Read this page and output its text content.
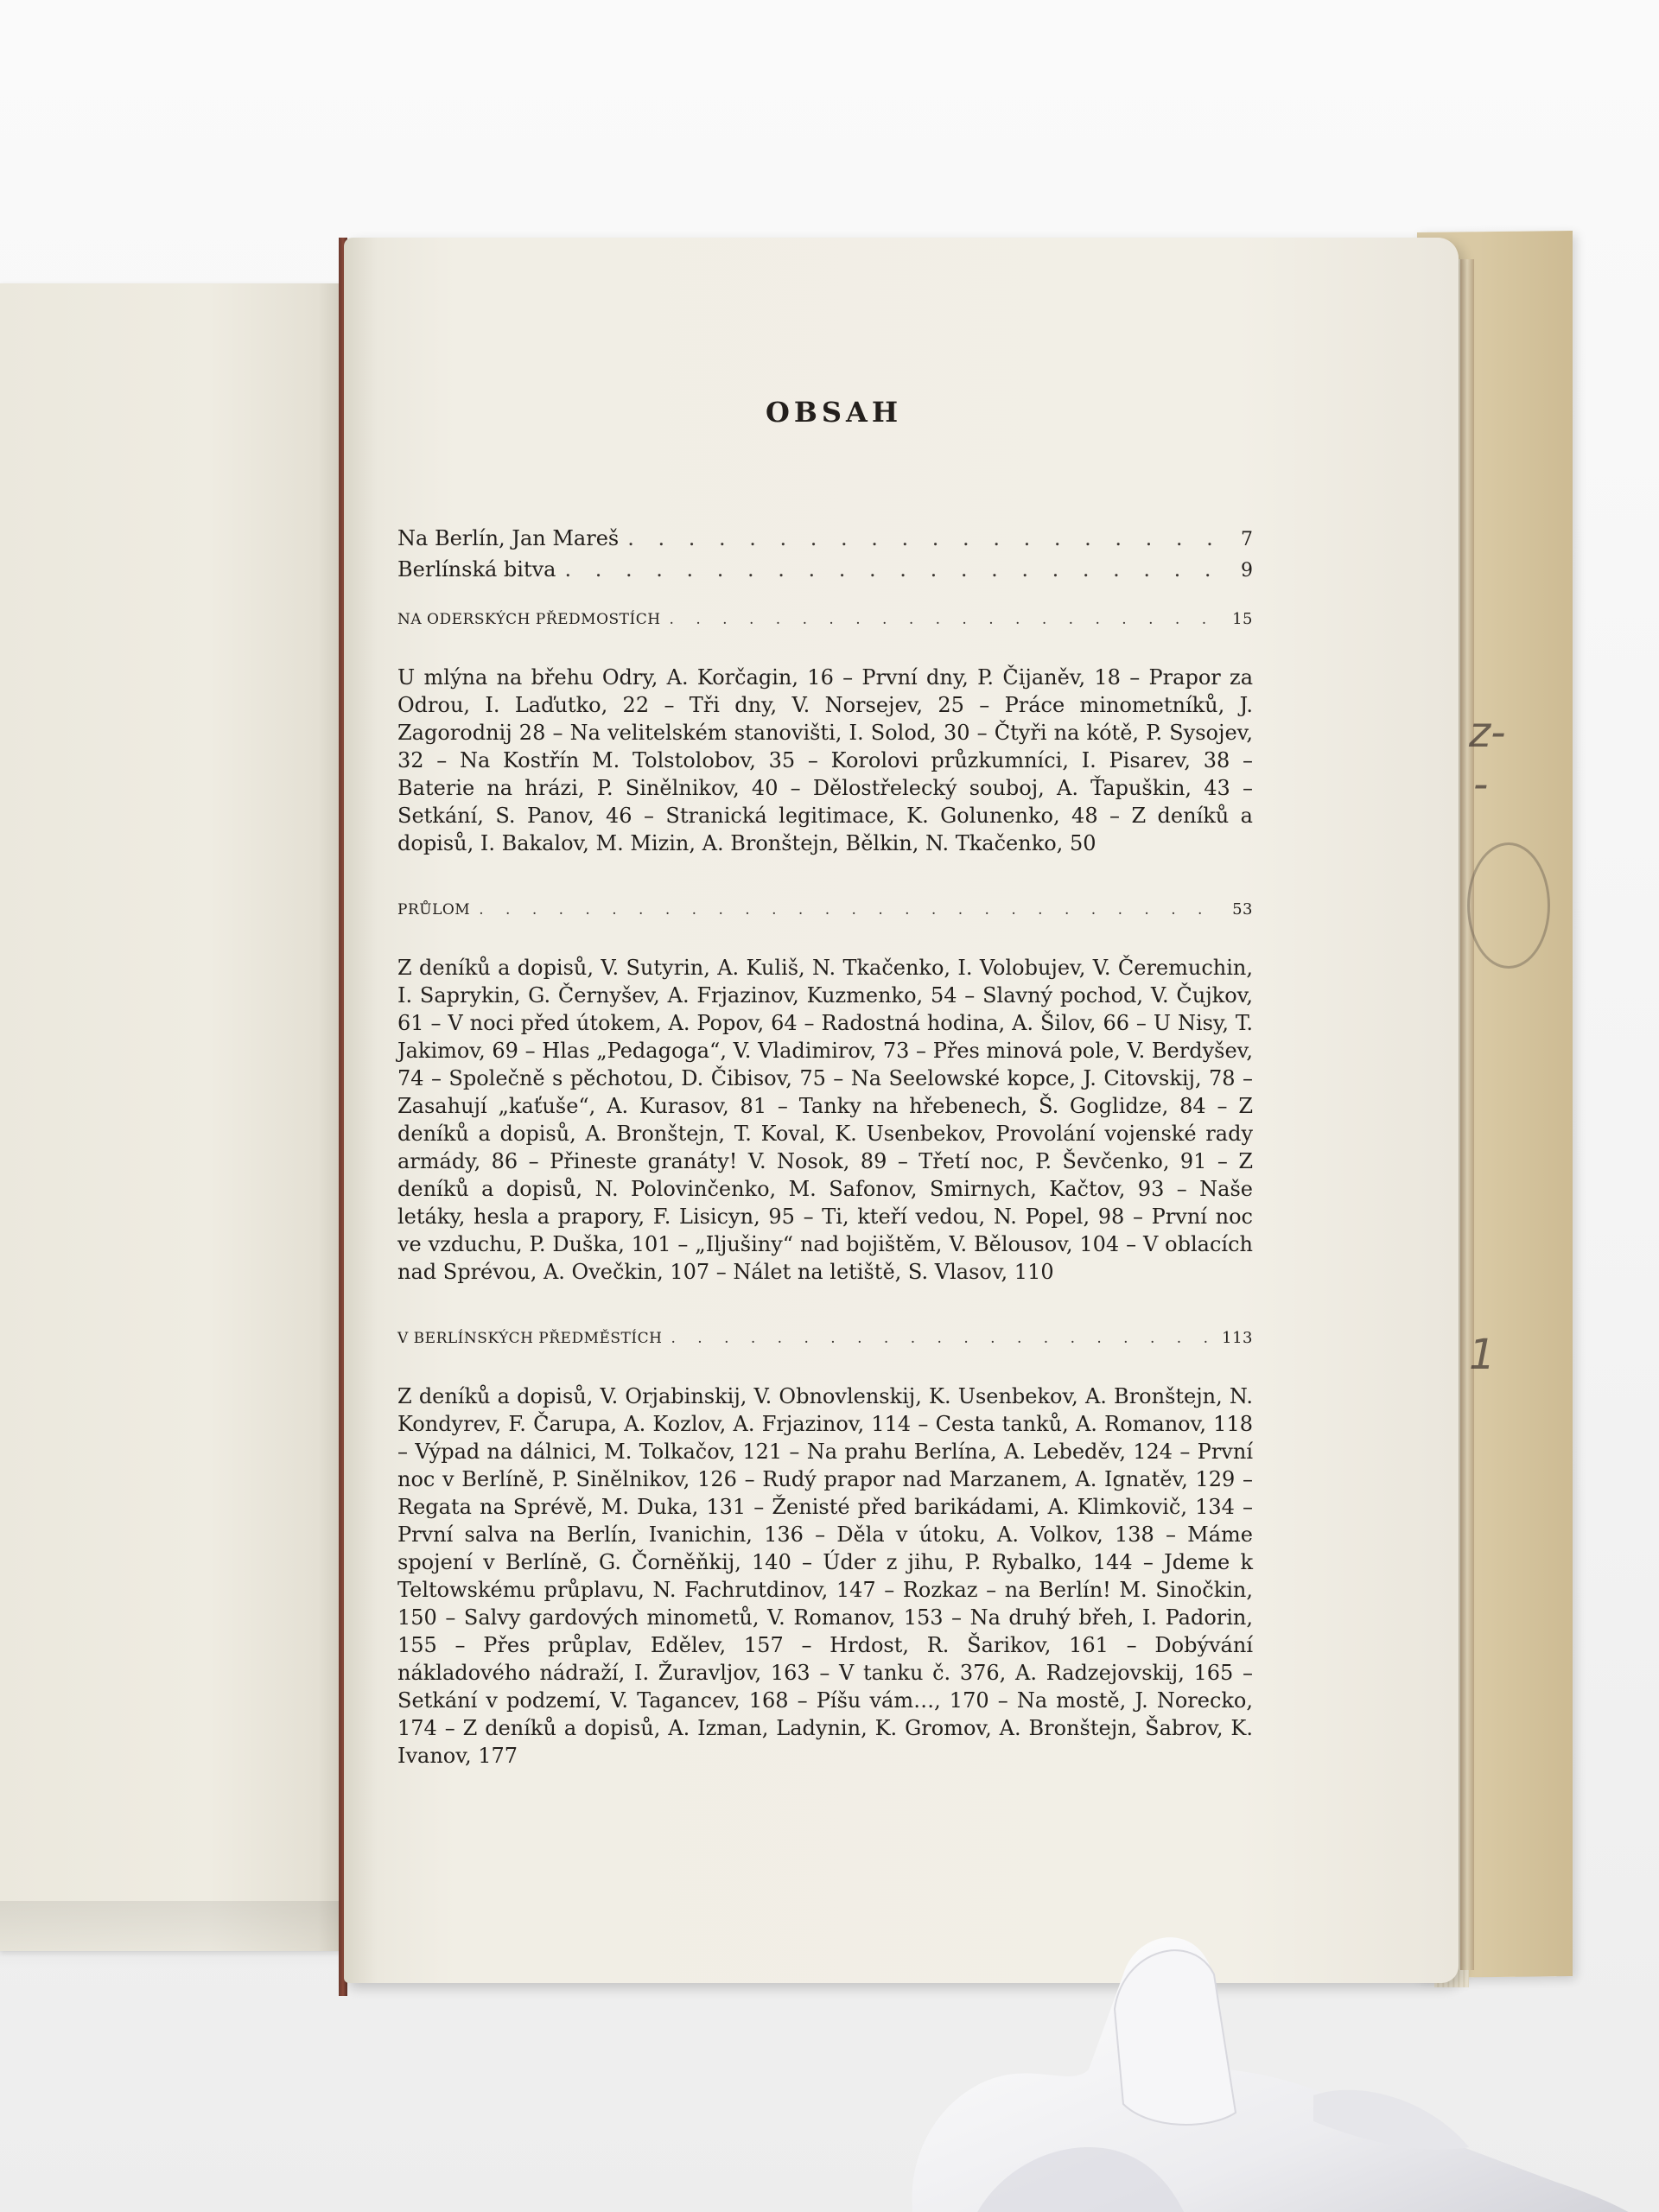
z-
-
1
OBSAH
Na Berlín, Jan Mareš . . .	7
Berlínská bitva . . .	9
NA ODERSKÝCH PŘEDMOSTÍCH . . .	15

U mlýna na břehu Odry, A. Korčagin, 16 – První dny, P. Čijaněv, 18 – Prapor za Odrou, I. Laďutko, 22 – Tři dny, V. Norsejev, 25 – Práce minometníků, J. Zagorodnij 28 – Na velitelském stanovišti, I. Solod, 30 – Čtyři na kótě, P. Sysojev, 32 – Na Kostřín M. Tolstolobov, 35 – Korolovi průzkumníci, I. Pisarev, 38 – Baterie na hrázi, P. Sinělnikov, 40 – Dělostřelecký souboj, A. Ťapuškin, 43 – Setkání, S. Panov, 46 – Stranická legitimace, K. Golunenko, 48 – Z deníků a dopisů, I. Bakalov, M. Mizin, A. Bronštejn, Bělkin, N. Tkačenko, 50

PRŮLOM . . .	53

Z deníků a dopisů, V. Sutyrin, A. Kuliš, N. Tkačenko, I. Volobujev, V. Čeremuchin, I. Saprykin, G. Černyšev, A. Frjazinov, Kuzmenko, 54 – Slavný pochod, V. Čujkov, 61 – V noci před útokem, A. Popov, 64 – Radostná hodina, A. Šilov, 66 – U Nisy, T. Jakimov, 69 – Hlas „Pedagoga“, V. Vladimirov, 73 – Přes minová pole, V. Berdyšev, 74 – Společně s pěchotou, D. Čibisov, 75 – Na Seelowské kopce, J. Citovskij, 78 – Zasahují „kaťuše“, A. Kurasov, 81 – Tanky na hřebenech, Š. Goglidze, 84 – Z deníků a dopisů, A. Bronštejn, T. Koval, K. Usenbekov, Provolání vojenské rady armády, 86 – Přineste granáty! V. Nosok, 89 – Třetí noc, P. Ševčenko, 91 – Z deníků a dopisů, N. Polovinčenko, M. Safonov, Smirnych, Kačtov, 93 – Naše letáky, hesla a prapory, F. Lisicyn, 95 – Ti, kteří vedou, N. Popel, 98 – První noc ve vzduchu, P. Duška, 101 – „Iljušiny“ nad bojištěm, V. Bělousov, 104 – V oblacích nad Sprévou, A. Ovečkin, 107 – Nálet na letiště, S. Vlasov, 110

V BERLÍNSKÝCH PŘEDMĚSTÍCH . . .	113

Z deníků a dopisů, V. Orjabinskij, V. Obnovlenskij, K. Usenbekov, A. Bronštejn, N. Kondyrev, F. Čarupa, A. Kozlov, A. Frjazinov, 114 – Cesta tanků, A. Romanov, 118 – Výpad na dálnici, M. Tolkačov, 121 – Na prahu Berlína, A. Lebeděv, 124 – První noc v Berlíně, P. Sinělnikov, 126 – Rudý prapor nad Marzanem, A. Ignatěv, 129 – Regata na Sprévě, M. Duka, 131 – Ženisté před barikádami, A. Klimkovič, 134 – První salva na Berlín, Ivanichin, 136 – Děla v útoku, A. Volkov, 138 – Máme spojení v Berlíně, G. Čorněňkij, 140 – Úder z jihu, P. Rybalko, 144 – Jdeme k Teltowskému průplavu, N. Fachrutdinov, 147 – Rozkaz – na Berlín! M. Sinočkin, 150 – Salvy gardových minometů, V. Romanov, 153 – Na druhý břeh, I. Padorin, 155 – Přes průplav, Edělev, 157 – Hrdost, R. Šarikov, 161 – Dobývání nákladového nádraží, I. Žuravljov, 163 – V tanku č. 376, A. Radzejovskij, 165 – Setkání v podzemí, V. Tagancev, 168 – Píšu vám…, 170 – Na mostě, J. Norecko, 174 – Z deníků a dopisů, A. Izman, Ladynin, K. Gromov, A. Bronštejn, Šabrov, K. Ivanov, 177
